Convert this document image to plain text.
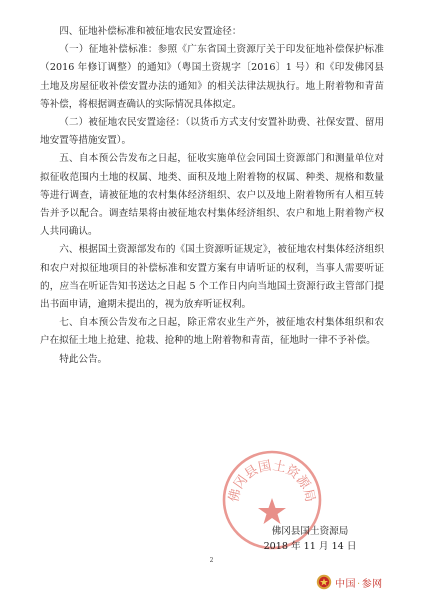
四、征地补偿标准和被征地农民安置途径：

（一）征地补偿标准：参照《广东省国土资源厅关于印发征地补偿保护标准（2016 年修订调整）的通知》（粤国土资规字〔2016〕1 号）和《印发佛冈县土地及房屋征收补偿安置办法的通知》的相关法律法规执行。地上附着物和青苗等补偿，将根据调查确认的实际情况具体拟定。

（二）被征地农民安置途径：（以货币方式支付安置补助费、社保安置、留用地安置等措施安置）。

五、自本预公告发布之日起，征收实施单位会同国土资源部门和测量单位对拟征收范围内土地的权属、地类、面积及地上附着物的权属、种类、规格和数量等进行调查，请被征地的农村集体经济组织、农户以及地上附着物所有人相互转告并予以配合。调查结果将由被征地农村集体经济组织、农户和地上附着物产权人共同确认。

六、根据国土资源部发布的《国土资源听证规定》，被征地农村集体经济组织和农户对拟征地项目的补偿标准和安置方案有申请听证的权利，当事人需要听证的，应当在听证告知书送达之日起 5 个工作日内向当地国土资源行政主管部门提出书面申请，逾期未提出的，视为放弃听证权利。

七、自本预公告发布之日起，除正常农业生产外，被征地农村集体组织和农户在拟征土地上抢建、抢栽、抢种的地上附着物和青苗，征地时一律不予补偿。

特此公告。

佛冈县国土资源局
佛冈县国土资源局
2018 年 11 月 14 日
2
中国·参网
